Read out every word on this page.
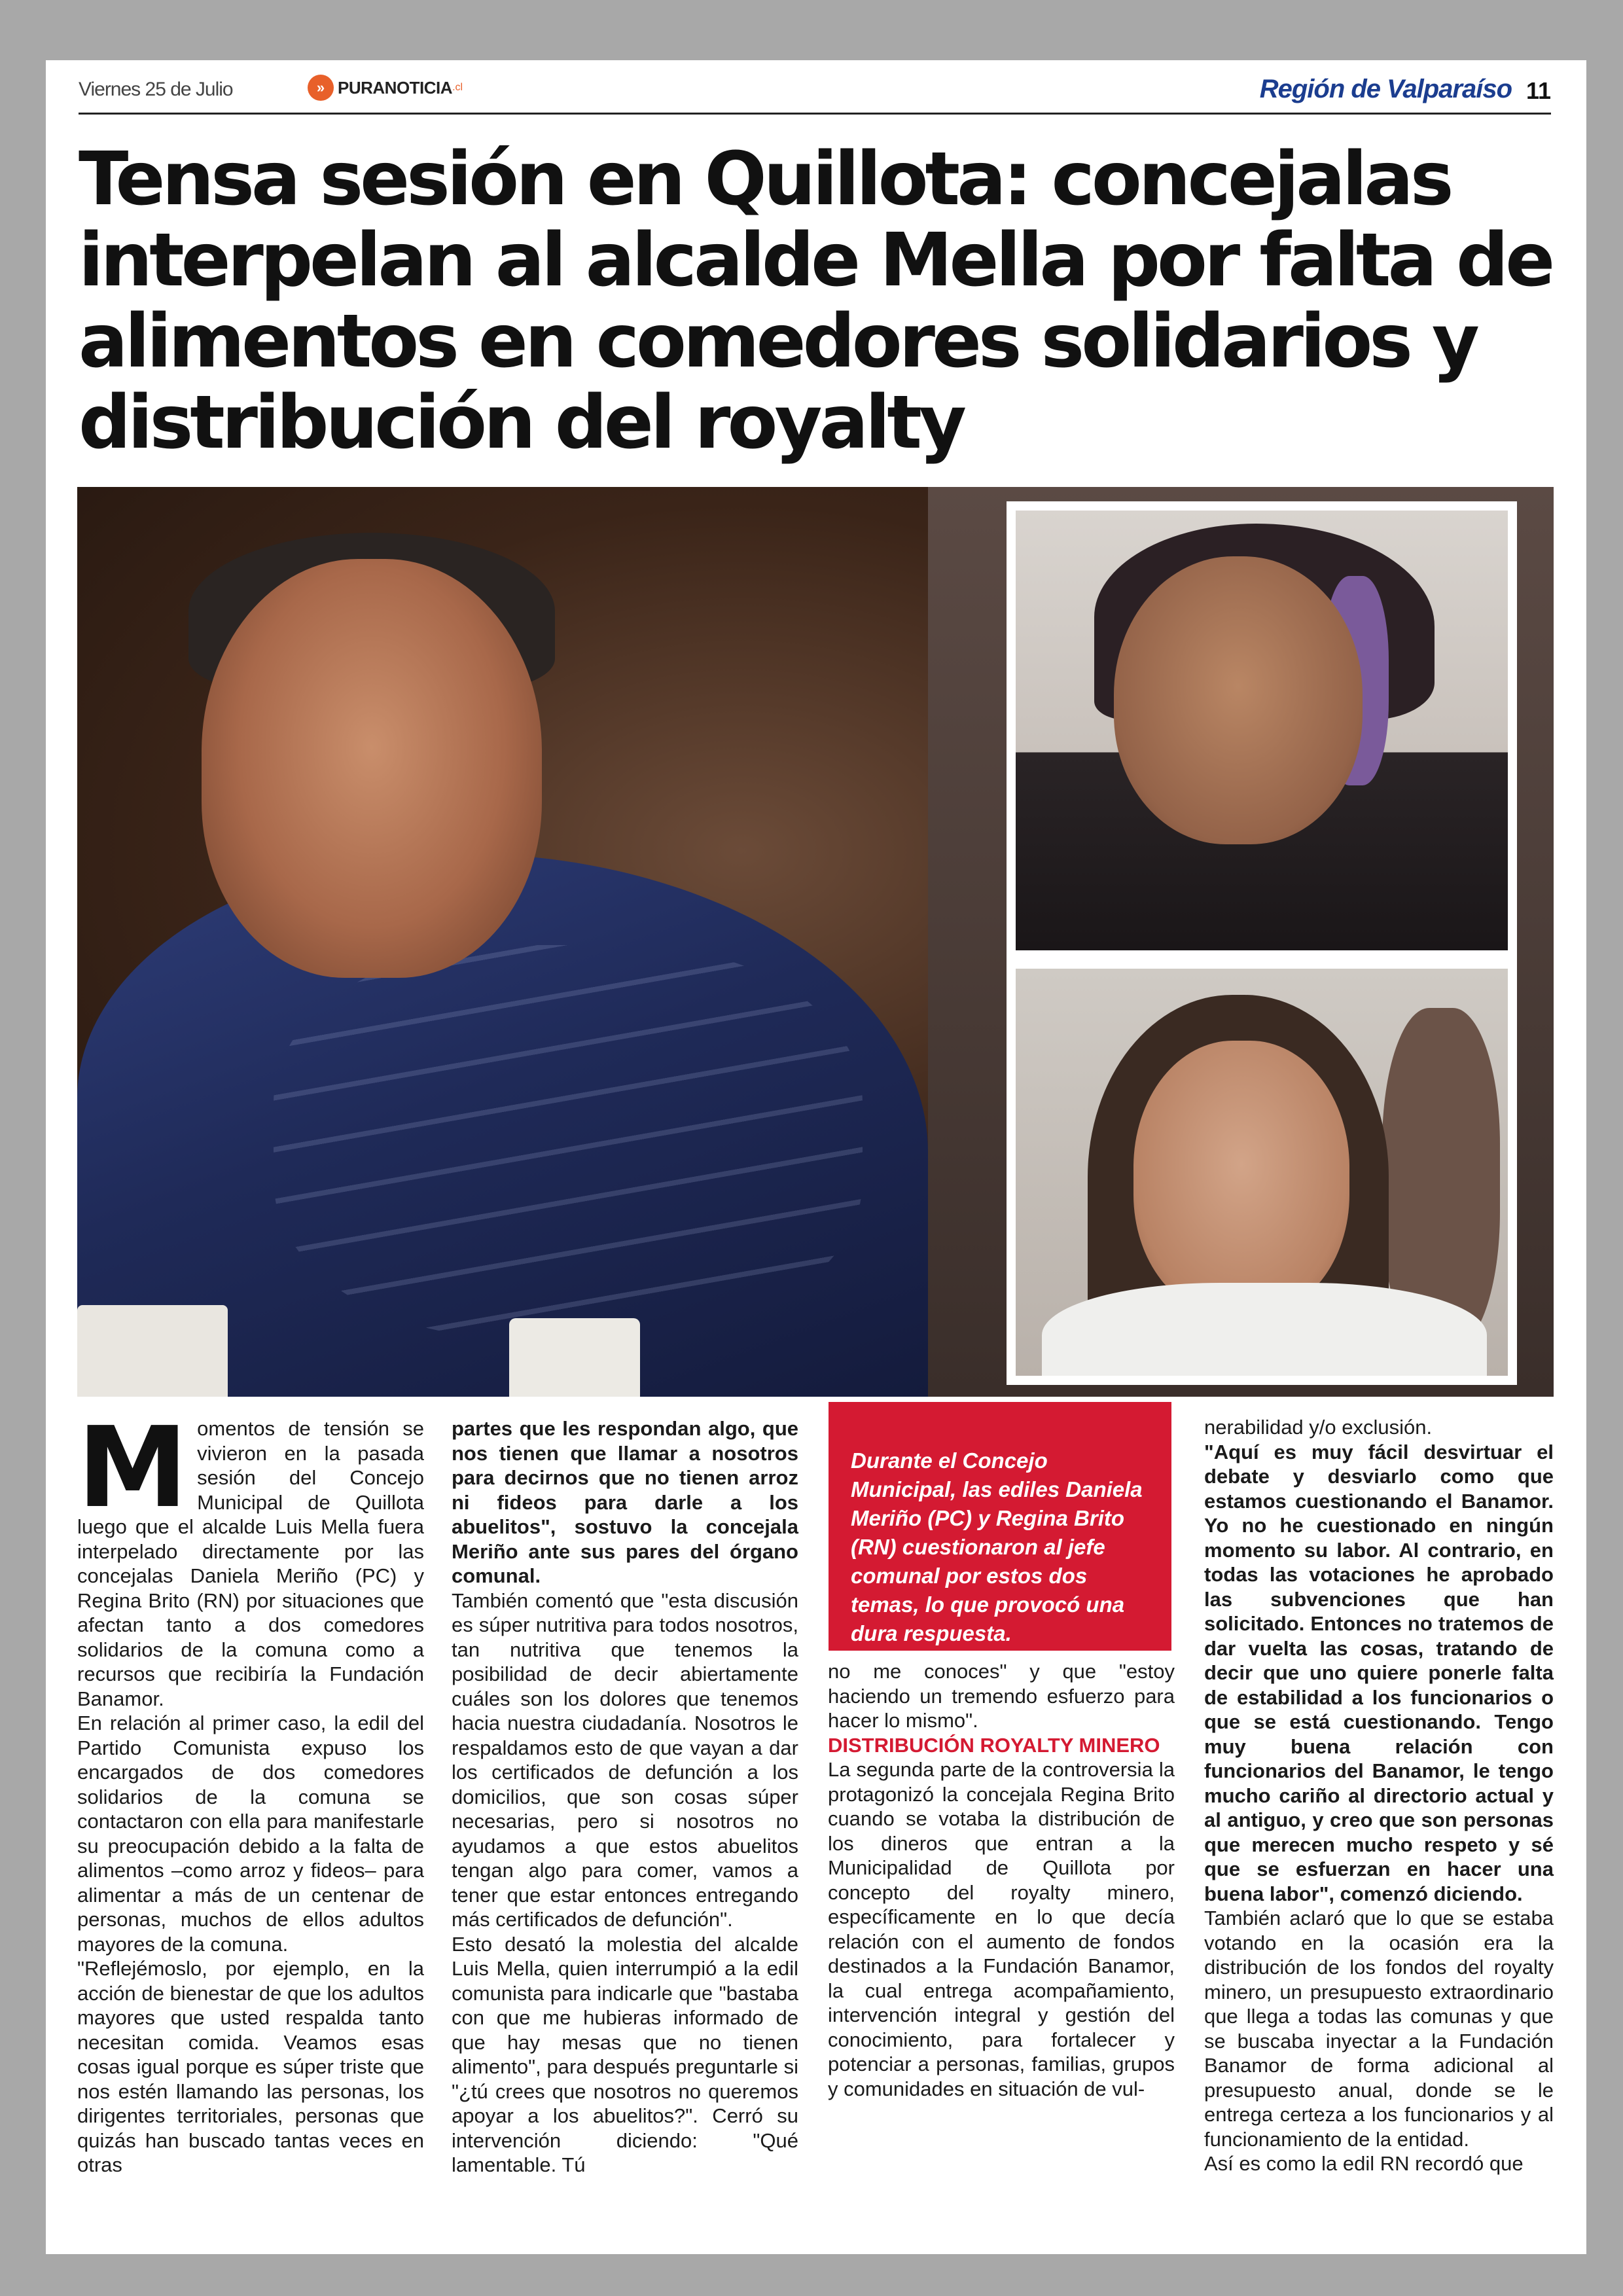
Viernes 25 de Julio	» PURANOTICIA .cl	Región de Valparaíso 11
Tensa sesión en Quillota: concejalas interpelan al alcalde Mella por falta de alimentos en comedores solidarios y distribución del royalty
M omentos de tensión se vivieron en la pasada sesión del Concejo Municipal de Quillota luego que el alcalde Luis Mella fuera interpelado directamente por las concejalas Daniela Meriño (PC) y Regina Brito (RN) por situaciones que afectan tanto a dos comedores solidarios de la comuna como a recursos que recibiría la Fundación Banamor.

En relación al primer caso, la edil del Partido Comunista expuso los encargados de dos comedores solidarios de la comuna se contactaron con ella para manifestarle su preocupación debido a la falta de alimentos –como arroz y fideos– para alimentar a más de un centenar de personas, muchos de ellos adultos mayores de la comuna.

"Reflejémoslo, por ejemplo, en la acción de bienestar de que los adultos mayores que usted respalda tanto necesitan comida. Veamos esas cosas igual porque es súper triste que nos estén llamando las personas, los dirigentes territoriales, personas que quizás han buscado tantas veces en otras

partes que les respondan algo, que nos tienen que llamar a nosotros para decirnos que no tienen arroz ni fideos para darle a los abuelitos", sostuvo la concejala Meriño ante sus pares del órgano comunal.

También comentó que "esta discusión es súper nutritiva para todos nosotros, tan nutritiva que tenemos la posibilidad de decir abiertamente cuáles son los dolores que tenemos hacia nuestra ciudadanía. Nosotros le respaldamos esto de que vayan a dar los certificados de defunción a los domicilios, que son cosas súper necesarias, pero si nosotros no ayudamos a que estos abuelitos tengan algo para comer, vamos a tener que estar entonces entregando más certificados de defunción".

Esto desató la molestia del alcalde Luis Mella, quien interrumpió a la edil comunista para indicarle que "bastaba con que me hubieras informado de que hay mesas que no tienen alimento", para después preguntarle si "¿tú crees que nosotros no queremos apoyar a los abuelitos?". Cerró su intervención diciendo: "Qué lamentable. Tú

Durante el Concejo Municipal, las ediles Daniela Meriño (PC) y Regina Brito (RN) cuestionaron al jefe comunal por estos dos temas, lo que provocó una dura respuesta.

no me conoces" y que "estoy haciendo un tremendo esfuerzo para hacer lo mismo".

DISTRIBUCIÓN ROYALTY MINERO

La segunda parte de la controversia la protagonizó la concejala Regina Brito cuando se votaba la distribución de los dineros que entran a la Municipalidad de Quillota por concepto del royalty minero, específicamente en lo que decía relación con el aumento de fondos destinados a la Fundación Banamor, la cual entrega acompañamiento, intervención integral y gestión del conocimiento, para fortalecer y potenciar a personas, familias, grupos y comunidades en situación de vul-

nerabilidad y/o exclusión.

"Aquí es muy fácil desvirtuar el debate y desviarlo como que estamos cuestionando el Banamor. Yo no he cuestionado en ningún momento su labor. Al contrario, en todas las votaciones he aprobado las subvenciones que han solicitado. Entonces no tratemos de dar vuelta las cosas, tratando de decir que uno quiere ponerle falta de estabilidad a los funcionarios o que se está cuestionando. Tengo muy buena relación con funcionarios del Banamor, le tengo mucho cariño al directorio actual y al antiguo, y creo que son personas que merecen mucho respeto y sé que se esfuerzan en hacer una buena labor", comenzó diciendo.

También aclaró que lo que se estaba votando en la ocasión era la distribución de los fondos del royalty minero, un presupuesto extraordinario que llega a todas las comunas y que se buscaba inyectar a la Fundación Banamor de forma adicional al presupuesto anual, donde se le entrega certeza a los funcionarios y al funcionamiento de la entidad.

Así es como la edil RN recordó que
